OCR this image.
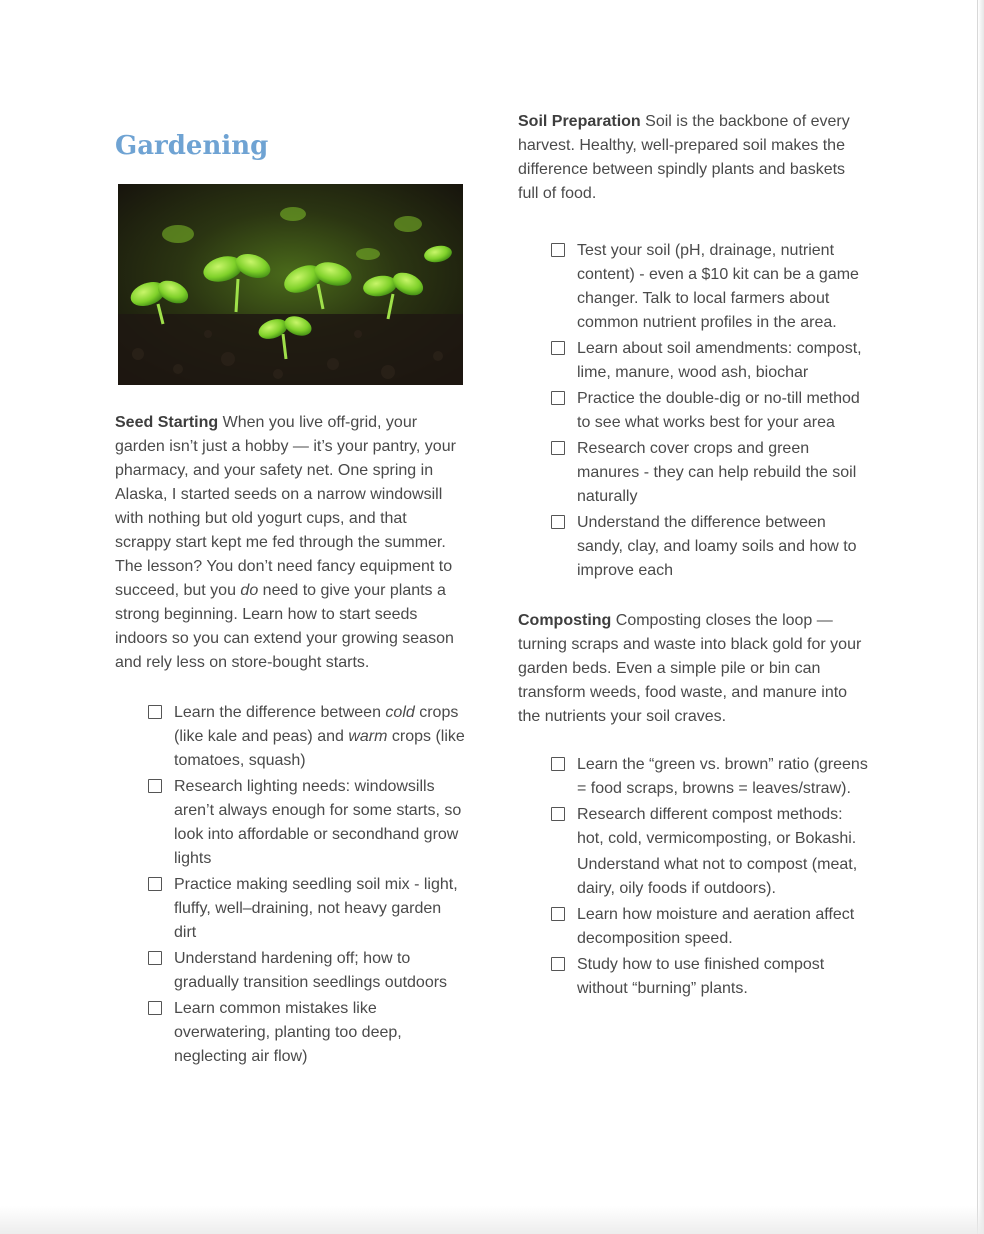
Gardening

Seed Starting When you live off-grid, your garden isn’t just a hobby — it’s your pantry, your pharmacy, and your safety net. One spring in Alaska, I started seeds on a narrow windowsill with nothing but old yogurt cups, and that scrappy start kept me fed through the summer. The lesson? You don’t need fancy equipment to succeed, but you do need to give your plants a strong beginning. Learn how to start seeds indoors so you can extend your growing season and rely less on store-bought starts.

Learn the difference between cold crops (like kale and peas) and warm crops (like tomatoes, squash)
Research lighting needs: windowsills aren’t always enough for some starts, so look into affordable or secondhand grow lights
Practice making seedling soil mix - light, fluffy, well–draining, not heavy garden dirt
Understand hardening off; how to gradually transition seedlings outdoors
Learn common mistakes like overwatering, planting too deep, neglecting air flow)

Soil Preparation Soil is the backbone of every harvest. Healthy, well-prepared soil makes the difference between spindly plants and baskets full of food.

Test your soil (pH, drainage, nutrient content) - even a $10 kit can be a game changer. Talk to local farmers about common nutrient profiles in the area.
Learn about soil amendments: compost, lime, manure, wood ash, biochar
Practice the double-dig or no-till method to see what works best for your area
Research cover crops and green manures - they can help rebuild the soil naturally
Understand the difference between sandy, clay, and loamy soils and how to improve each

Composting Composting closes the loop — turning scraps and waste into black gold for your garden beds. Even a simple pile or bin can transform weeds, food waste, and manure into the nutrients your soil craves.

Learn the “green vs. brown” ratio (greens = food scraps, browns = leaves/straw).
Research different compost methods: hot, cold, vermicomposting, or Bokashi.
Understand what not to compost (meat, dairy, oily foods if outdoors).
Learn how moisture and aeration affect decomposition speed.
Study how to use finished compost without “burning” plants.
